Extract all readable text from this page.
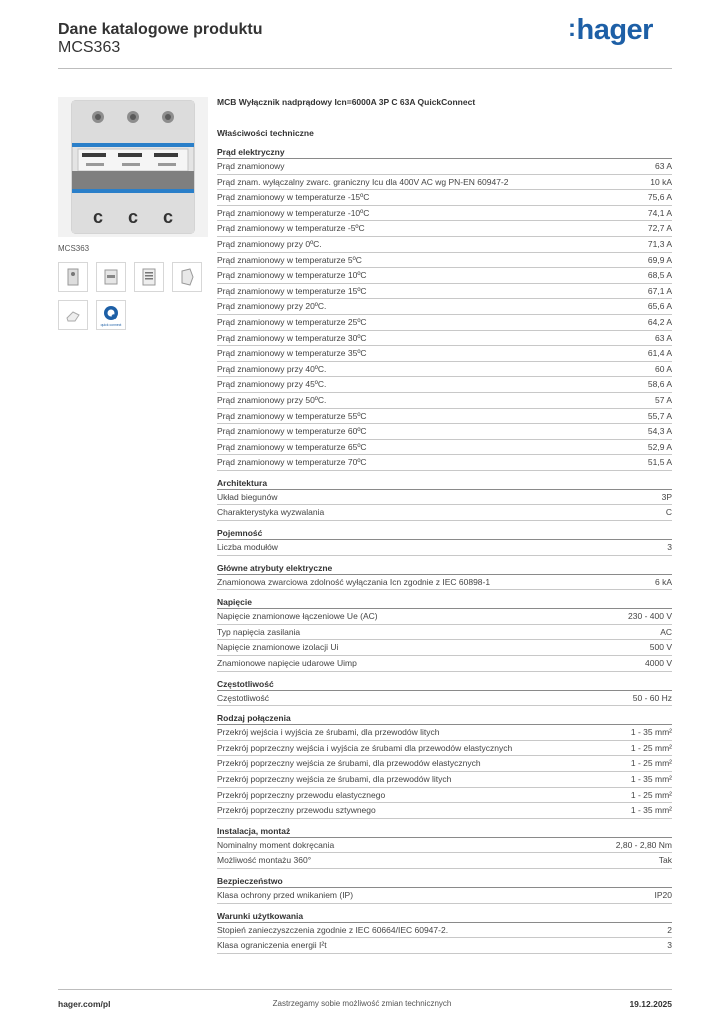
Dane katalogowe produktu
MCS363
:hager
c c c
MCS363
quick connect
MCB Wyłącznik nadprądowy Icn=6000A 3P C 63A QuickConnect
Właściwości techniczne
Prąd elektryczny
Prąd znamionowy	63 A
Prąd znam. wyłączalny zwarc. graniczny Icu dla 400V AC wg PN-EN 60947-2	10 kA
Prąd znamionowy w temperaturze -15ºC	75,6 A
Prąd znamionowy w temperaturze -10ºC	74,1 A
Prąd znamionowy w temperaturze -5ºC	72,7 A
Prąd znamionowy przy 0ºC.	71,3 A
Prąd znamionowy w temperaturze 5ºC	69,9 A
Prąd znamionowy w temperaturze 10ºC	68,5 A
Prąd znamionowy w temperaturze 15ºC	67,1 A
Prąd znamionowy przy 20ºC.	65,6 A
Prąd znamionowy w temperaturze 25ºC	64,2 A
Prąd znamionowy w temperaturze 30ºC	63 A
Prąd znamionowy w temperaturze 35ºC	61,4 A
Prąd znamionowy przy 40ºC.	60 A
Prąd znamionowy przy 45ºC.	58,6 A
Prąd znamionowy przy 50ºC.	57 A
Prąd znamionowy w temperaturze 55ºC	55,7 A
Prąd znamionowy w temperaturze 60ºC	54,3 A
Prąd znamionowy w temperaturze 65ºC	52,9 A
Prąd znamionowy w temperaturze 70ºC	51,5 A
Architektura
Układ biegunów	3P
Charakterystyka wyzwalania	C
Pojemność
Liczba modułów	3
Główne atrybuty elektryczne
Znamionowa zwarciowa zdolność wyłączania Icn zgodnie z IEC 60898-1	6 kA
Napięcie
Napięcie znamionowe łączeniowe Ue (AC)	230 - 400 V
Typ napięcia zasilania	AC
Napięcie znamionowe izolacji Ui	500 V
Znamionowe napięcie udarowe Uimp	4000 V
Częstotliwość
Częstotliwość	50 - 60 Hz
Rodzaj połączenia
Przekrój wejścia i wyjścia ze śrubami, dla przewodów litych	1 - 35 mm²
Przekrój poprzeczny wejścia i wyjścia ze śrubami dla przewodów elastycznych	1 - 25 mm²
Przekrój poprzeczny wejścia ze śrubami, dla przewodów elastycznych	1 - 25 mm²
Przekrój poprzeczny wejścia ze śrubami, dla przewodów litych	1 - 35 mm²
Przekrój poprzeczny przewodu elastycznego	1 - 25 mm²
Przekrój poprzeczny przewodu sztywnego	1 - 35 mm²
Instalacja, montaż
Nominalny moment dokręcania	2,80 - 2,80 Nm
Możliwość montażu 360°	Tak
Bezpieczeństwo
Klasa ochrony przed wnikaniem (IP)	IP20
Warunki użytkowania
Stopień zanieczyszczenia zgodnie z IEC 60664/IEC 60947-2.	2
Klasa ograniczenia energii I²t	3
hager.com/pl	Zastrzegamy sobie możliwość zmian technicznych	19.12.2025
